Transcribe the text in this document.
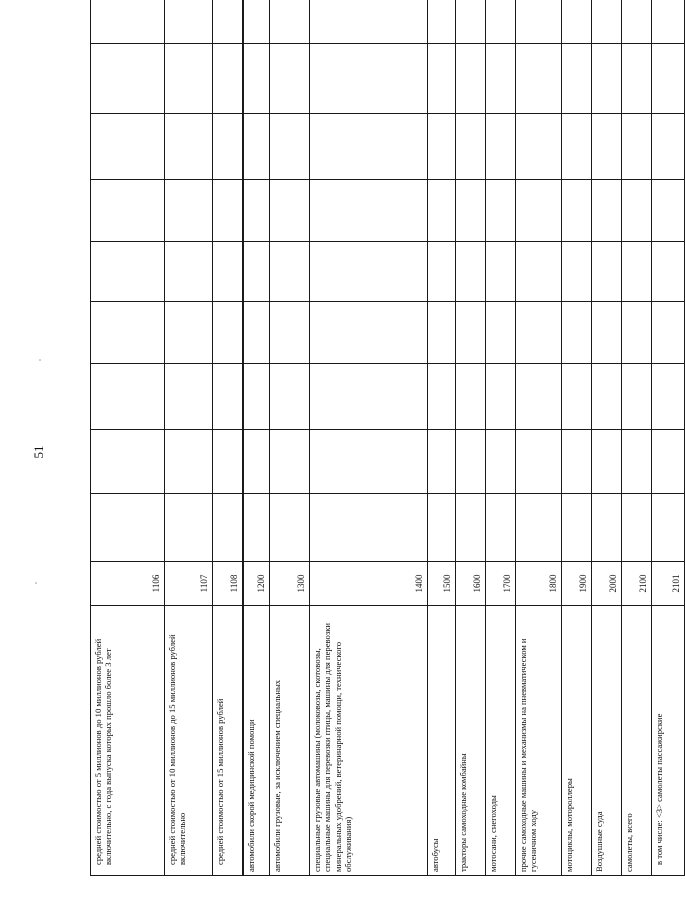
51
средней стоимостью от 5 миллионов до 10 миллионов рублей включительно, с года выпуска которых прошло более 3 лет	1106										
средней стоимостью от 10 миллионов до 15 миллионов рублей включительно	1107										
средней стоимостью от 15 миллионов рублей	1108										
автомобили скорой медицинской помощи	1200										
автомобили грузовые, за исключением специальных	1300										
специальные грузовые автомашины (молоковозы, скотовозы, специальные машины для перевозки птицы, машины для перевозки минеральных удобрений, ветеринарной помощи, технического обслуживания)	1400										
автобусы	1500										
тракторы самоходные комбайны	1600										
мотосани, снегоходы	1700										
прочие самоходные машины и механизмы на пневматическом и гусеничном ходу	1800										
мотоциклы, мотороллеры	1900										
Воздушные суда	2000										
самолеты, всего	2100										
в том числе: <3> самолеты пассажирские	2101										
